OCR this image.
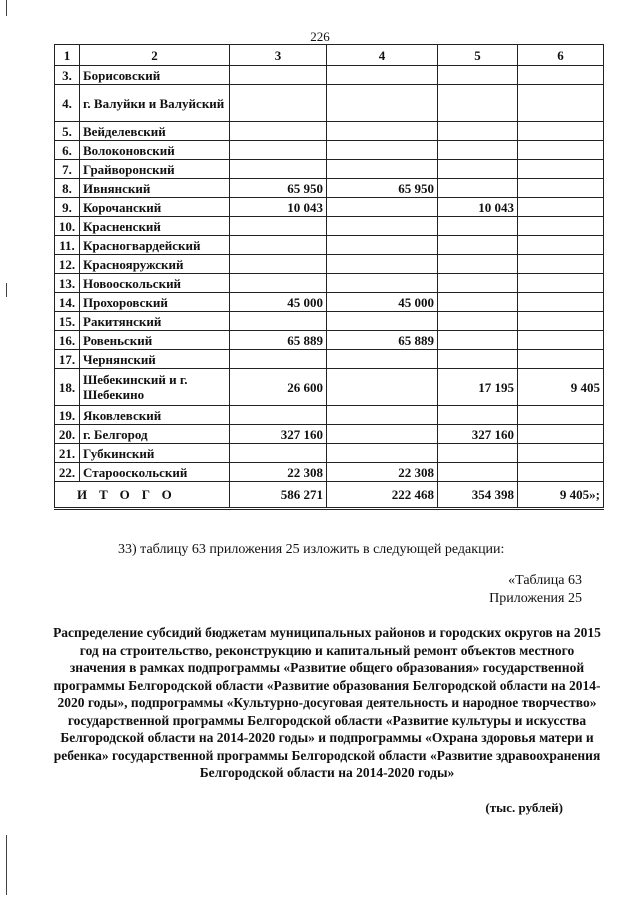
226
1	2	3	4	5	6
3.	Борисовский				
4.	г. Валуйки и Валуйский				
5.	Вейделевский				
6.	Волоконовский				
7.	Грайворонский				
8.	Ивнянский	65 950	65 950		
9.	Корочанский	10 043		10 043	
10.	Красненский				
11.	Красногвардейский				
12.	Краснояружский				
13.	Новооскольский				
14.	Прохоровский	45 000	45 000		
15.	Ракитянский				
16.	Ровеньский	65 889	65 889		
17.	Чернянский				
18.	Шебекинский и г. Шебекино	26 600		17 195	9 405
19.	Яковлевский				
20.	г. Белгород	327 160		327 160	
21.	Губкинский				
22.	Старооскольский	22 308	22 308		
ИТОГО		586 271	222 468	354 398	9 405»;
33) таблицу 63 приложения 25 изложить в следующей редакции:
«Таблица 63
Приложения 25
Распределение субсидий бюджетам муниципальных районов и городских округов на 2015 год на строительство, реконструкцию и капитальный ремонт объектов местного значения в рамках подпрограммы «Развитие общего образования» государственной программы Белгородской области «Развитие образования Белгородской области на 2014-2020 годы», подпрограммы «Культурно-досуговая деятельность и народное творчество» государственной программы Белгородской области «Развитие культуры и искусства Белгородской области на 2014-2020 годы» и подпрограммы «Охрана здоровья матери и ребенка» государственной программы Белгородской области «Развитие здравоохранения Белгородской области на 2014-2020 годы»
(тыс. рублей)
